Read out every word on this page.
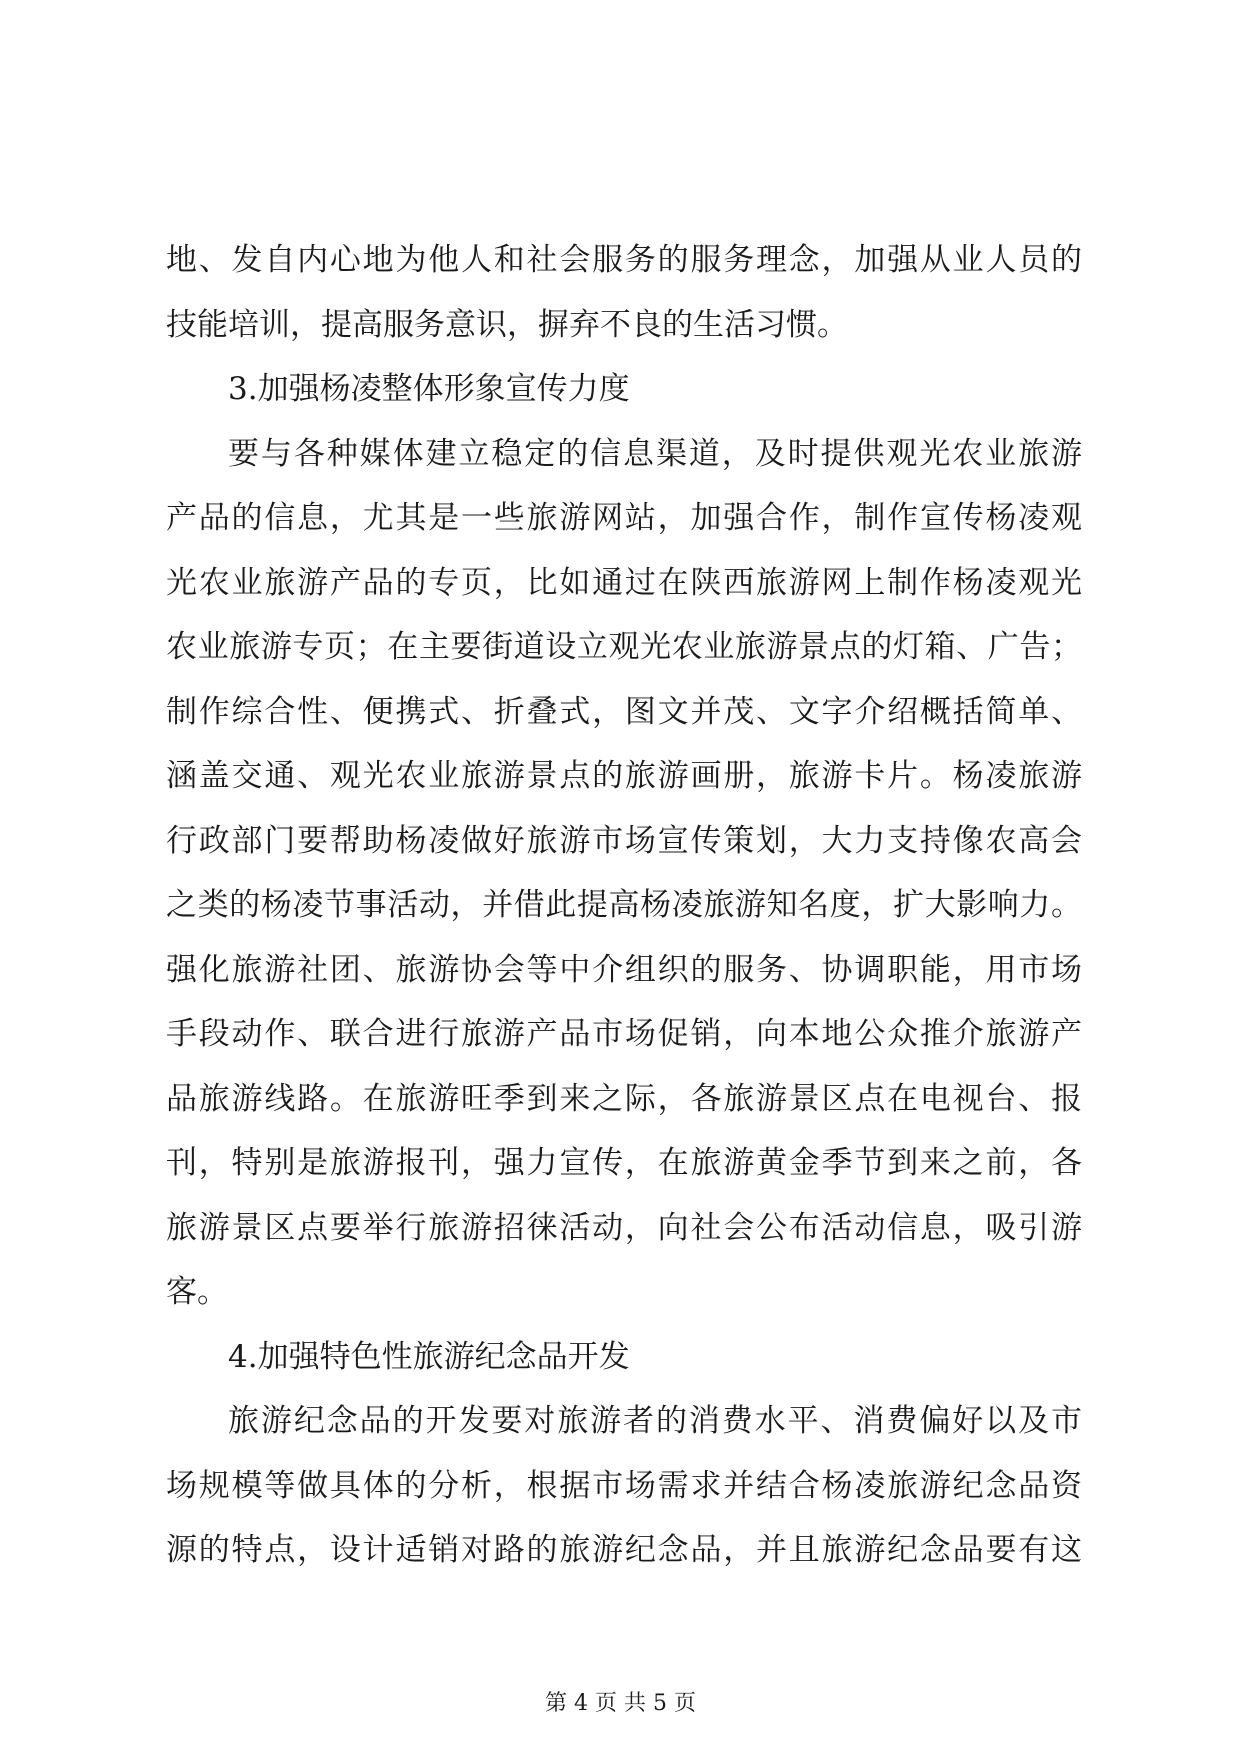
地、发自内心地为他人和社会服务的服务理念，加强从业人员的
技能培训，提高服务意识，摒弃不良的生活习惯。
3.加强杨凌整体形象宣传力度
要与各种媒体建立稳定的信息渠道，及时提供观光农业旅游
产品的信息，尤其是一些旅游网站，加强合作，制作宣传杨凌观
光农业旅游产品的专页，比如通过在陕西旅游网上制作杨凌观光
农业旅游专页；在主要街道设立观光农业旅游景点的灯箱、广告；
制作综合性、便携式、折叠式，图文并茂、文字介绍概括简单、
涵盖交通、观光农业旅游景点的旅游画册，旅游卡片。杨凌旅游
行政部门要帮助杨凌做好旅游市场宣传策划，大力支持像农高会
之类的杨凌节事活动，并借此提高杨凌旅游知名度，扩大影响力。
强化旅游社团、旅游协会等中介组织的服务、协调职能，用市场
手段动作、联合进行旅游产品市场促销，向本地公众推介旅游产
品旅游线路。在旅游旺季到来之际，各旅游景区点在电视台、报
刊，特别是旅游报刊，强力宣传，在旅游黄金季节到来之前，各
旅游景区点要举行旅游招徕活动，向社会公布活动信息，吸引游
客。
4.加强特色性旅游纪念品开发
旅游纪念品的开发要对旅游者的消费水平、消费偏好以及市
场规模等做具体的分析，根据市场需求并结合杨凌旅游纪念品资
源的特点，设计适销对路的旅游纪念品，并且旅游纪念品要有这
第 4 页 共 5 页
